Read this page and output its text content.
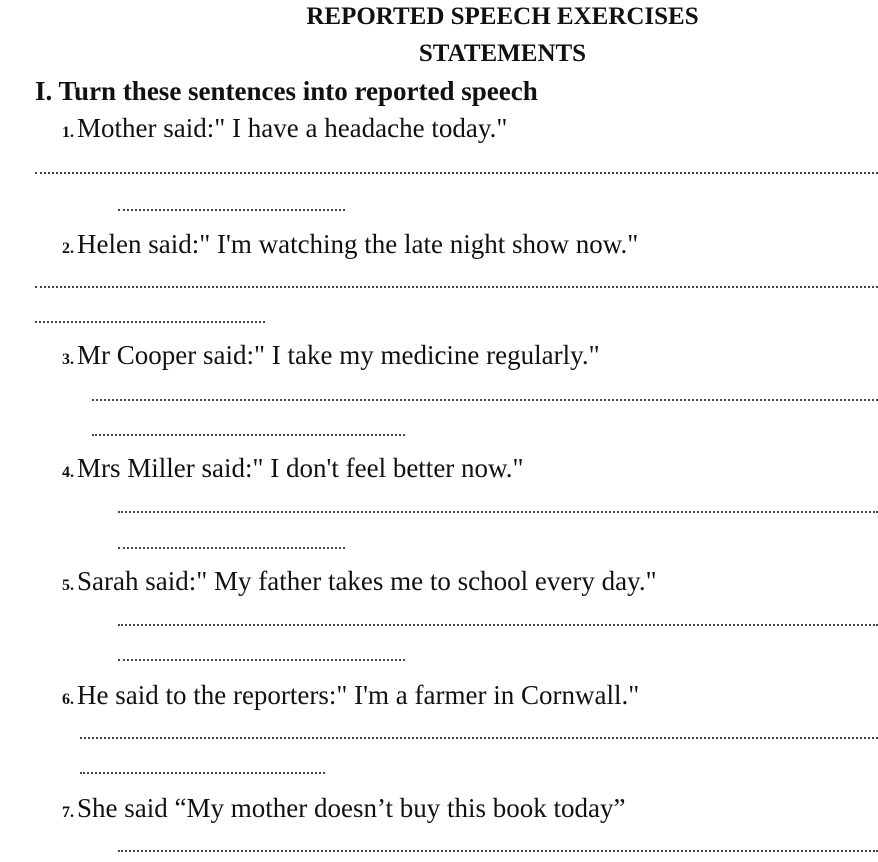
REPORTED SPEECH EXERCISES
STATEMENTS
I. Turn these sentences into reported speech
1. Mother said:" I have a headache today."
2. Helen said:" I'm watching the late night show now."
3. Mr Cooper said:" I take my medicine regularly."
4. Mrs Miller said:" I don't feel better now."
5. Sarah said:" My father takes me to school every day."
6. He said to the reporters:" I'm a farmer in Cornwall."
7. She said “My mother doesn’t buy this book today”
